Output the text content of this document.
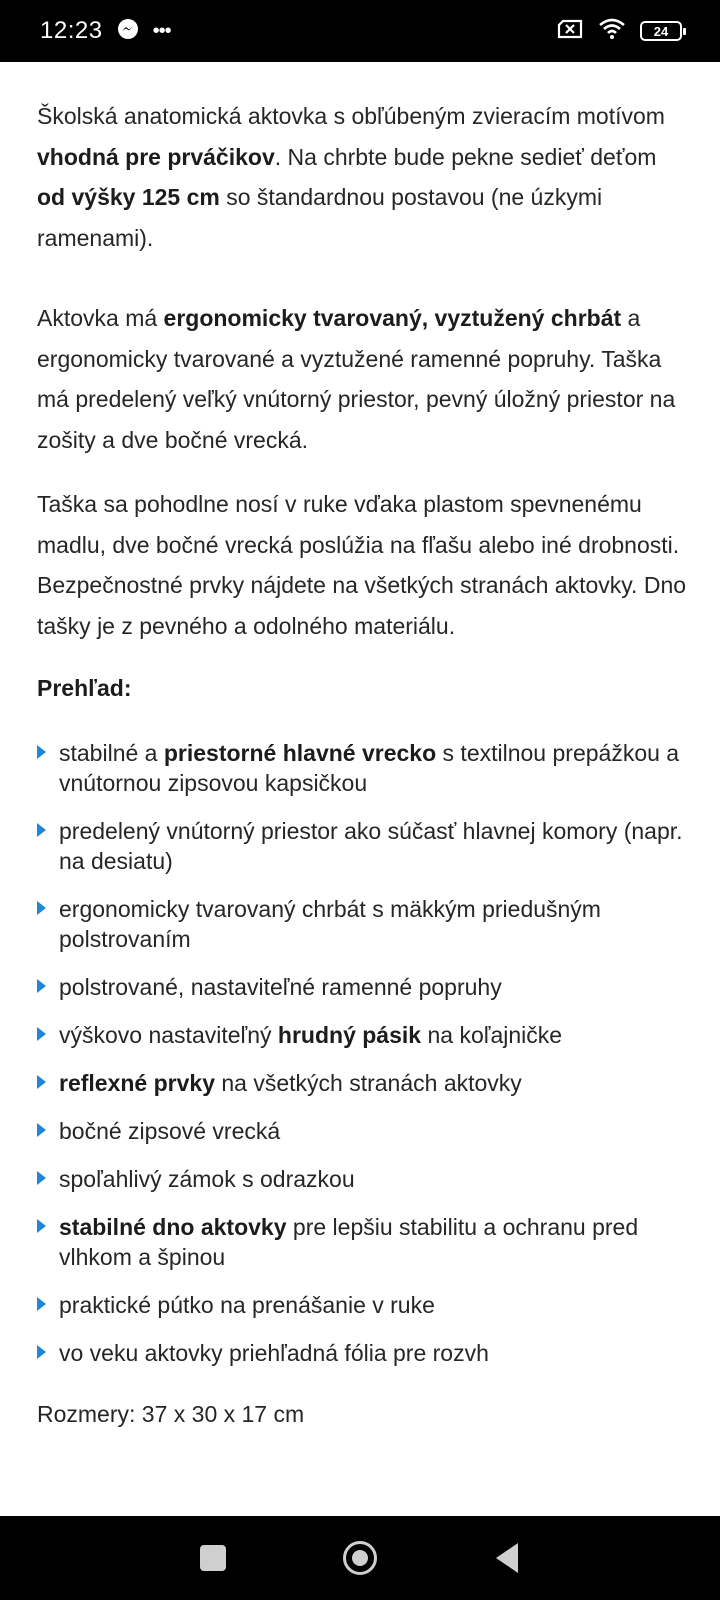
12:23	•••	24

Školská anatomická aktovka s obľúbeným zvieracím motívom vhodná pre prváčikov. Na chrbte bude pekne sedieť deťom od výšky 125 cm so štandardnou postavou (ne úzkymi ramenami).

Aktovka má ergonomicky tvarovaný, vyztužený chrbát a ergonomicky tvarované a vyztužené ramenné popruhy. Taška má predelený veľký vnútorný priestor, pevný úložný priestor na zošity a dve bočné vrecká.

Taška sa pohodlne nosí v ruke vďaka plastom spevnenému madlu, dve bočné vrecká poslúžia na fľašu alebo iné drobnosti. Bezpečnostné prvky nájdete na všetkých stranách aktovky. Dno tašky je z pevného a odolného materiálu.

Prehľad:
stabilné a priestorné hlavné vrecko s textilnou prepážkou a vnútornou zipsovou kapsičkou
predelený vnútorný priestor ako súčasť hlavnej komory (napr. na desiatu)
ergonomicky tvarovaný chrbát s mäkkým priedušným polstrovaním
polstrované, nastaviteľné ramenné popruhy
výškovo nastaviteľný hrudný pásik na koľajničke
reflexné prvky na všetkých stranách aktovky
bočné zipsové vrecká
spoľahlivý zámok s odrazkou
stabilné dno aktovky pre lepšiu stabilitu a ochranu pred vlhkom a špinou
praktické pútko na prenášanie v ruke
vo veku aktovky priehľadná fólia pre rozvh

Rozmery: 37 x 30 x 17 cm
